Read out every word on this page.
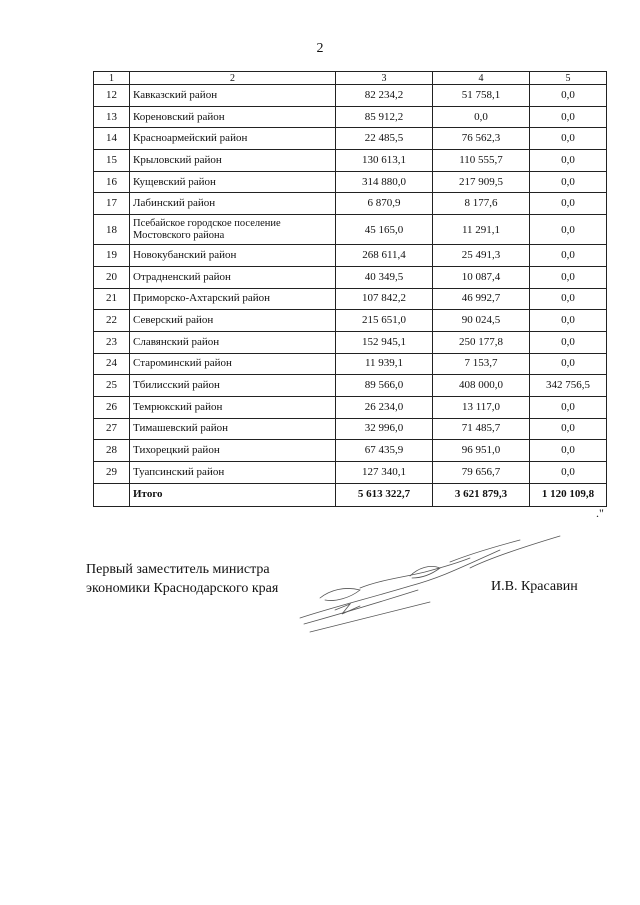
2
1	2	3	4	5
12	Кавказский район	82 234,2	51 758,1	0,0
13	Кореновский район	85 912,2	0,0	0,0
14	Красноармейский район	22 485,5	76 562,3	0,0
15	Крыловский район	130 613,1	110 555,7	0,0
16	Кущевский район	314 880,0	217 909,5	0,0
17	Лабинский район	6 870,9	8 177,6	0,0
18	Псебайское городское поселение Мостовского района	45 165,0	11 291,1	0,0
19	Новокубанский район	268 611,4	25 491,3	0,0
20	Отрадненский район	40 349,5	10 087,4	0,0
21	Приморско-Ахтарский район	107 842,2	46 992,7	0,0
22	Северский район	215 651,0	90 024,5	0,0
23	Славянский район	152 945,1	250 177,8	0,0
24	Староминский район	11 939,1	7 153,7	0,0
25	Тбилисский район	89 566,0	408 000,0	342 756,5
26	Темрюкский район	26 234,0	13 117,0	0,0
27	Тимашевский район	32 996,0	71 485,7	0,0
28	Тихорецкий район	67 435,9	96 951,0	0,0
29	Туапсинский район	127 340,1	79 656,7	0,0
	Итого	5 613 322,7	3 621 879,3	1 120 109,8
."
Первый заместитель министра
экономики Краснодарского края	И.В. Красавин
